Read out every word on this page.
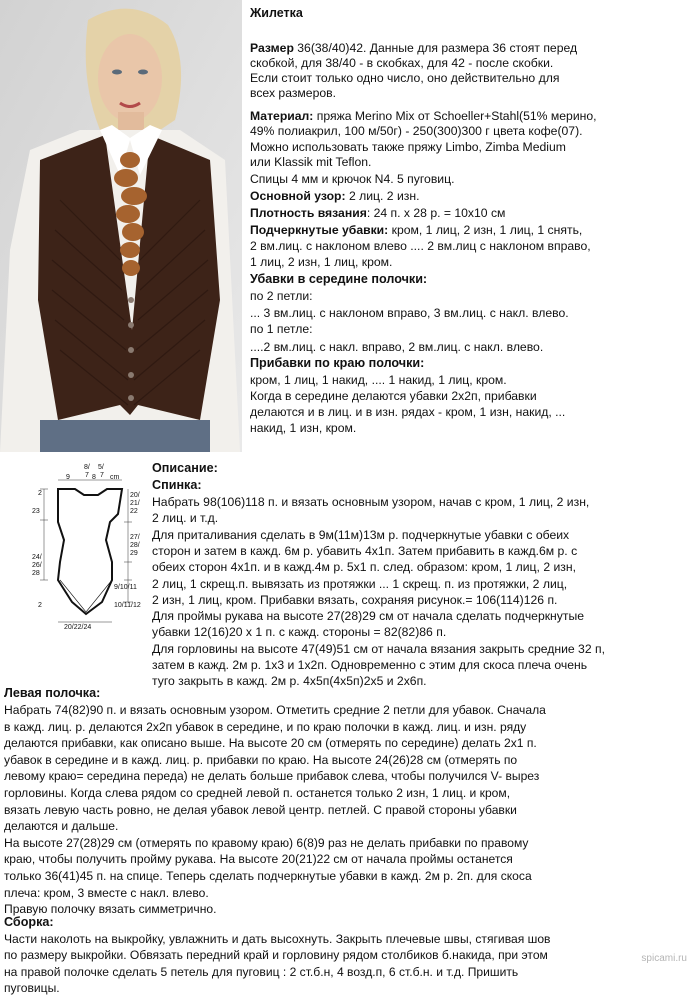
Жилетка
Размер 36(38/40)42. Данные для размера 36 стоят перед
скобкой, для 38/40 - в скобках, для 42 - после скобки.
Если стоит только одно число, оно действительно для
всех размеров.
Материал: пряжа Merino Mix от Schoeller+Stahl(51% мерино,
49% полиакрил, 100 м/50г) - 250(300)300 г цвета кофе(07).
Можно использовать также пряжу Limbo, Zimba Medium
или Klassik mit Teflon.
Спицы 4 мм и крючок N4. 5 пуговиц.
Основной узор: 2 лиц. 2 изн.
Плотность вязания: 24 п. х 28 р. = 10х10 см
Подчеркнутые убавки: кром, 1 лиц, 2 изн, 1 лиц, 1 снять,
2 вм.лиц. с наклоном влево .... 2 вм.лиц с наклоном вправо,
1 лиц, 2 изн, 1 лиц, кром.
Убавки в середине полочки:
по 2 петли:
... 3 вм.лиц. с наклоном вправо, 3 вм.лиц. с накл. влево.
по 1 петле:
....2 вм.лиц. с накл. вправо, 2 вм.лиц. с накл. влево.
Прибавки по краю полочки:
кром, 1 лиц, 1 накид, .... 1 накид, 1 лиц, кром.
Когда в середине делаются убавки 2х2п, прибавки
делаются и в лиц. и в изн. рядах - кром, 1 изн, накид, ...
накид, 1 изн, кром.
8/ 5/
9	8 cm
7 7
2
23
24/
26/
28
2
20/
21/
22
27/
28/
29
9/10/11
10/11/12
20/22/24
Описание:
Спинка:
Набрать 98(106)118 п. и вязать основным узором, начав с кром, 1 лиц, 2 изн,
2 лиц. и т.д.
Для приталивания сделать в 9м(11м)13м р. подчеркнутые убавки с обеих
сторон и затем в кажд. 6м р. убавить 4х1п. Затем прибавить в кажд.6м р. с
обеих сторон 4х1п. и в кажд.4м р. 5х1 п. след. образом: кром, 1 лиц, 2 изн,
2 лиц, 1 скрещ.п. вывязать из протяжки ... 1 скрещ. п. из протяжки, 2 лиц,
2 изн, 1 лиц, кром. Прибавки вязать, сохраняя рисунок.= 106(114)126 п.
Для проймы рукава на высоте 27(28)29 см от начала сделать подчеркнутые
убавки 12(16)20 х 1 п. с кажд. стороны = 82(82)86 п.
Для горловины на высоте 47(49)51 см от начала вязания закрыть средние 32 п,
затем в кажд. 2м р. 1х3 и 1х2п. Одновременно с этим для скоса плеча очень
туго закрыть в кажд. 2м р. 4х5п(4х5п)2х5 и 2х6п.
Левая полочка:
Набрать 74(82)90 п. и вязать основным узором. Отметить средние 2 петли для убавок. Сначала
в кажд. лиц. р. делаются 2х2п убавок в середине, и по краю полочки в кажд. лиц. и изн. ряду
делаются прибавки, как описано выше. На высоте 20 см (отмерять по середине) делать 2х1 п.
убавок в середине и в кажд. лиц. р. прибавки по краю. На высоте 24(26)28 см (отмерять по
левому краю= середина переда) не делать больше прибавок слева, чтобы получился V- вырез
горловины. Когда слева рядом со средней левой п. останется только 2 изн, 1 лиц. и кром,
вязать левую часть ровно, не делая убавок левой центр. петлей. С правой стороны убавки
делаются и дальше.
На высоте 27(28)29 см (отмерять по кравому краю) 6(8)9 раз не делать прибавки по правому
краю, чтобы получить пройму рукава. На высоте 20(21)22 см от начала проймы останется
только 36(41)45 п. на спице. Теперь сделать подчеркнутые убавки в кажд. 2м р. 2п. для скоса
плеча: кром, 3 вместе с накл. влево.
Правую полочку вязать симметрично.
Сборка:
Части наколоть на выкройку, увлажнить и дать высохнуть. Закрыть плечевые швы, стягивая шов
по размеру выкройки. Обвязать передний край и горловину рядом столбиков б.накида, при этом
на правой полочке сделать 5 петель для пуговиц : 2 ст.б.н, 4 возд.п, 6 ст.б.н. и т.д. Пришить
пуговицы.
spicami.ru
